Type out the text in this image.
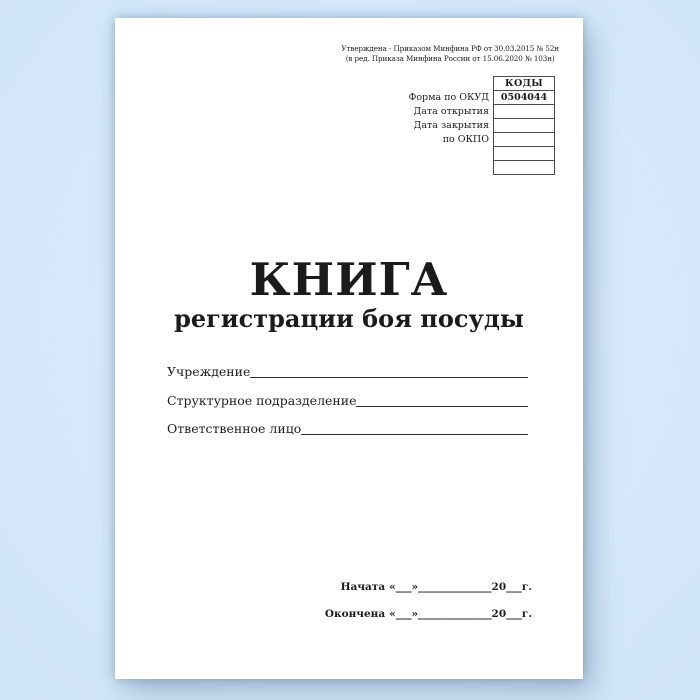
Утверждена - Приказом Минфина РФ от 30.03.2015 № 52н
(в ред. Приказа Минфина России от 15.06.2020 № 103н)
	КОДЫ
Форма по ОКУД	0504044
Дата открытия	
Дата закрытия	
по ОКПО	

КНИГА
регистрации боя посуды
Учреждение
Структурное подразделение
Ответственное лицо
Начата «___»______________20___г.
Окончена «___»______________20___г.
